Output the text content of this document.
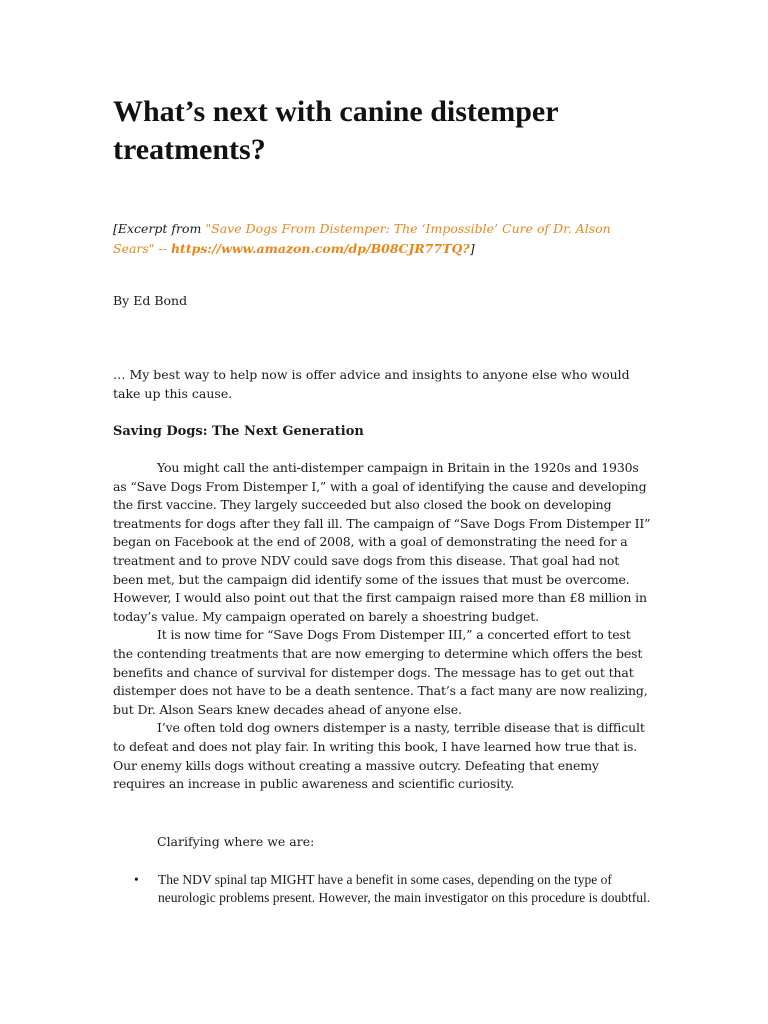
What’s next with canine distemper treatments?

[Excerpt from "Save Dogs From Distemper: The ‘Impossible’ Cure of Dr. Alson Sears" -- https://www.amazon.com/dp/B08CJR77TQ?]

By Ed Bond

… My best way to help now is offer advice and insights to anyone else who would take up this cause.

Saving Dogs: The Next Generation

You might call the anti-distemper campaign in Britain in the 1920s and 1930s as “Save Dogs From Distemper I,” with a goal of identifying the cause and developing the first vaccine. They largely succeeded but also closed the book on developing treatments for dogs after they fall ill. The campaign of “Save Dogs From Distemper II” began on Facebook at the end of 2008, with a goal of demonstrating the need for a treatment and to prove NDV could save dogs from this disease. That goal had not been met, but the campaign did identify some of the issues that must be overcome. However, I would also point out that the first campaign raised more than £8 million in today’s value. My campaign operated on barely a shoestring budget.

It is now time for “Save Dogs From Distemper III,” a concerted effort to test the contending treatments that are now emerging to determine which offers the best benefits and chance of survival for distemper dogs. The message has to get out that distemper does not have to be a death sentence. That’s a fact many are now realizing, but Dr. Alson Sears knew decades ahead of anyone else.

I’ve often told dog owners distemper is a nasty, terrible disease that is difficult to defeat and does not play fair. In writing this book, I have learned how true that is. Our enemy kills dogs without creating a massive outcry. Defeating that enemy requires an increase in public awareness and scientific curiosity.

Clarifying where we are:

• The NDV spinal tap MIGHT have a benefit in some cases, depending on the type of neurologic problems present. However, the main investigator on this procedure is doubtful.
